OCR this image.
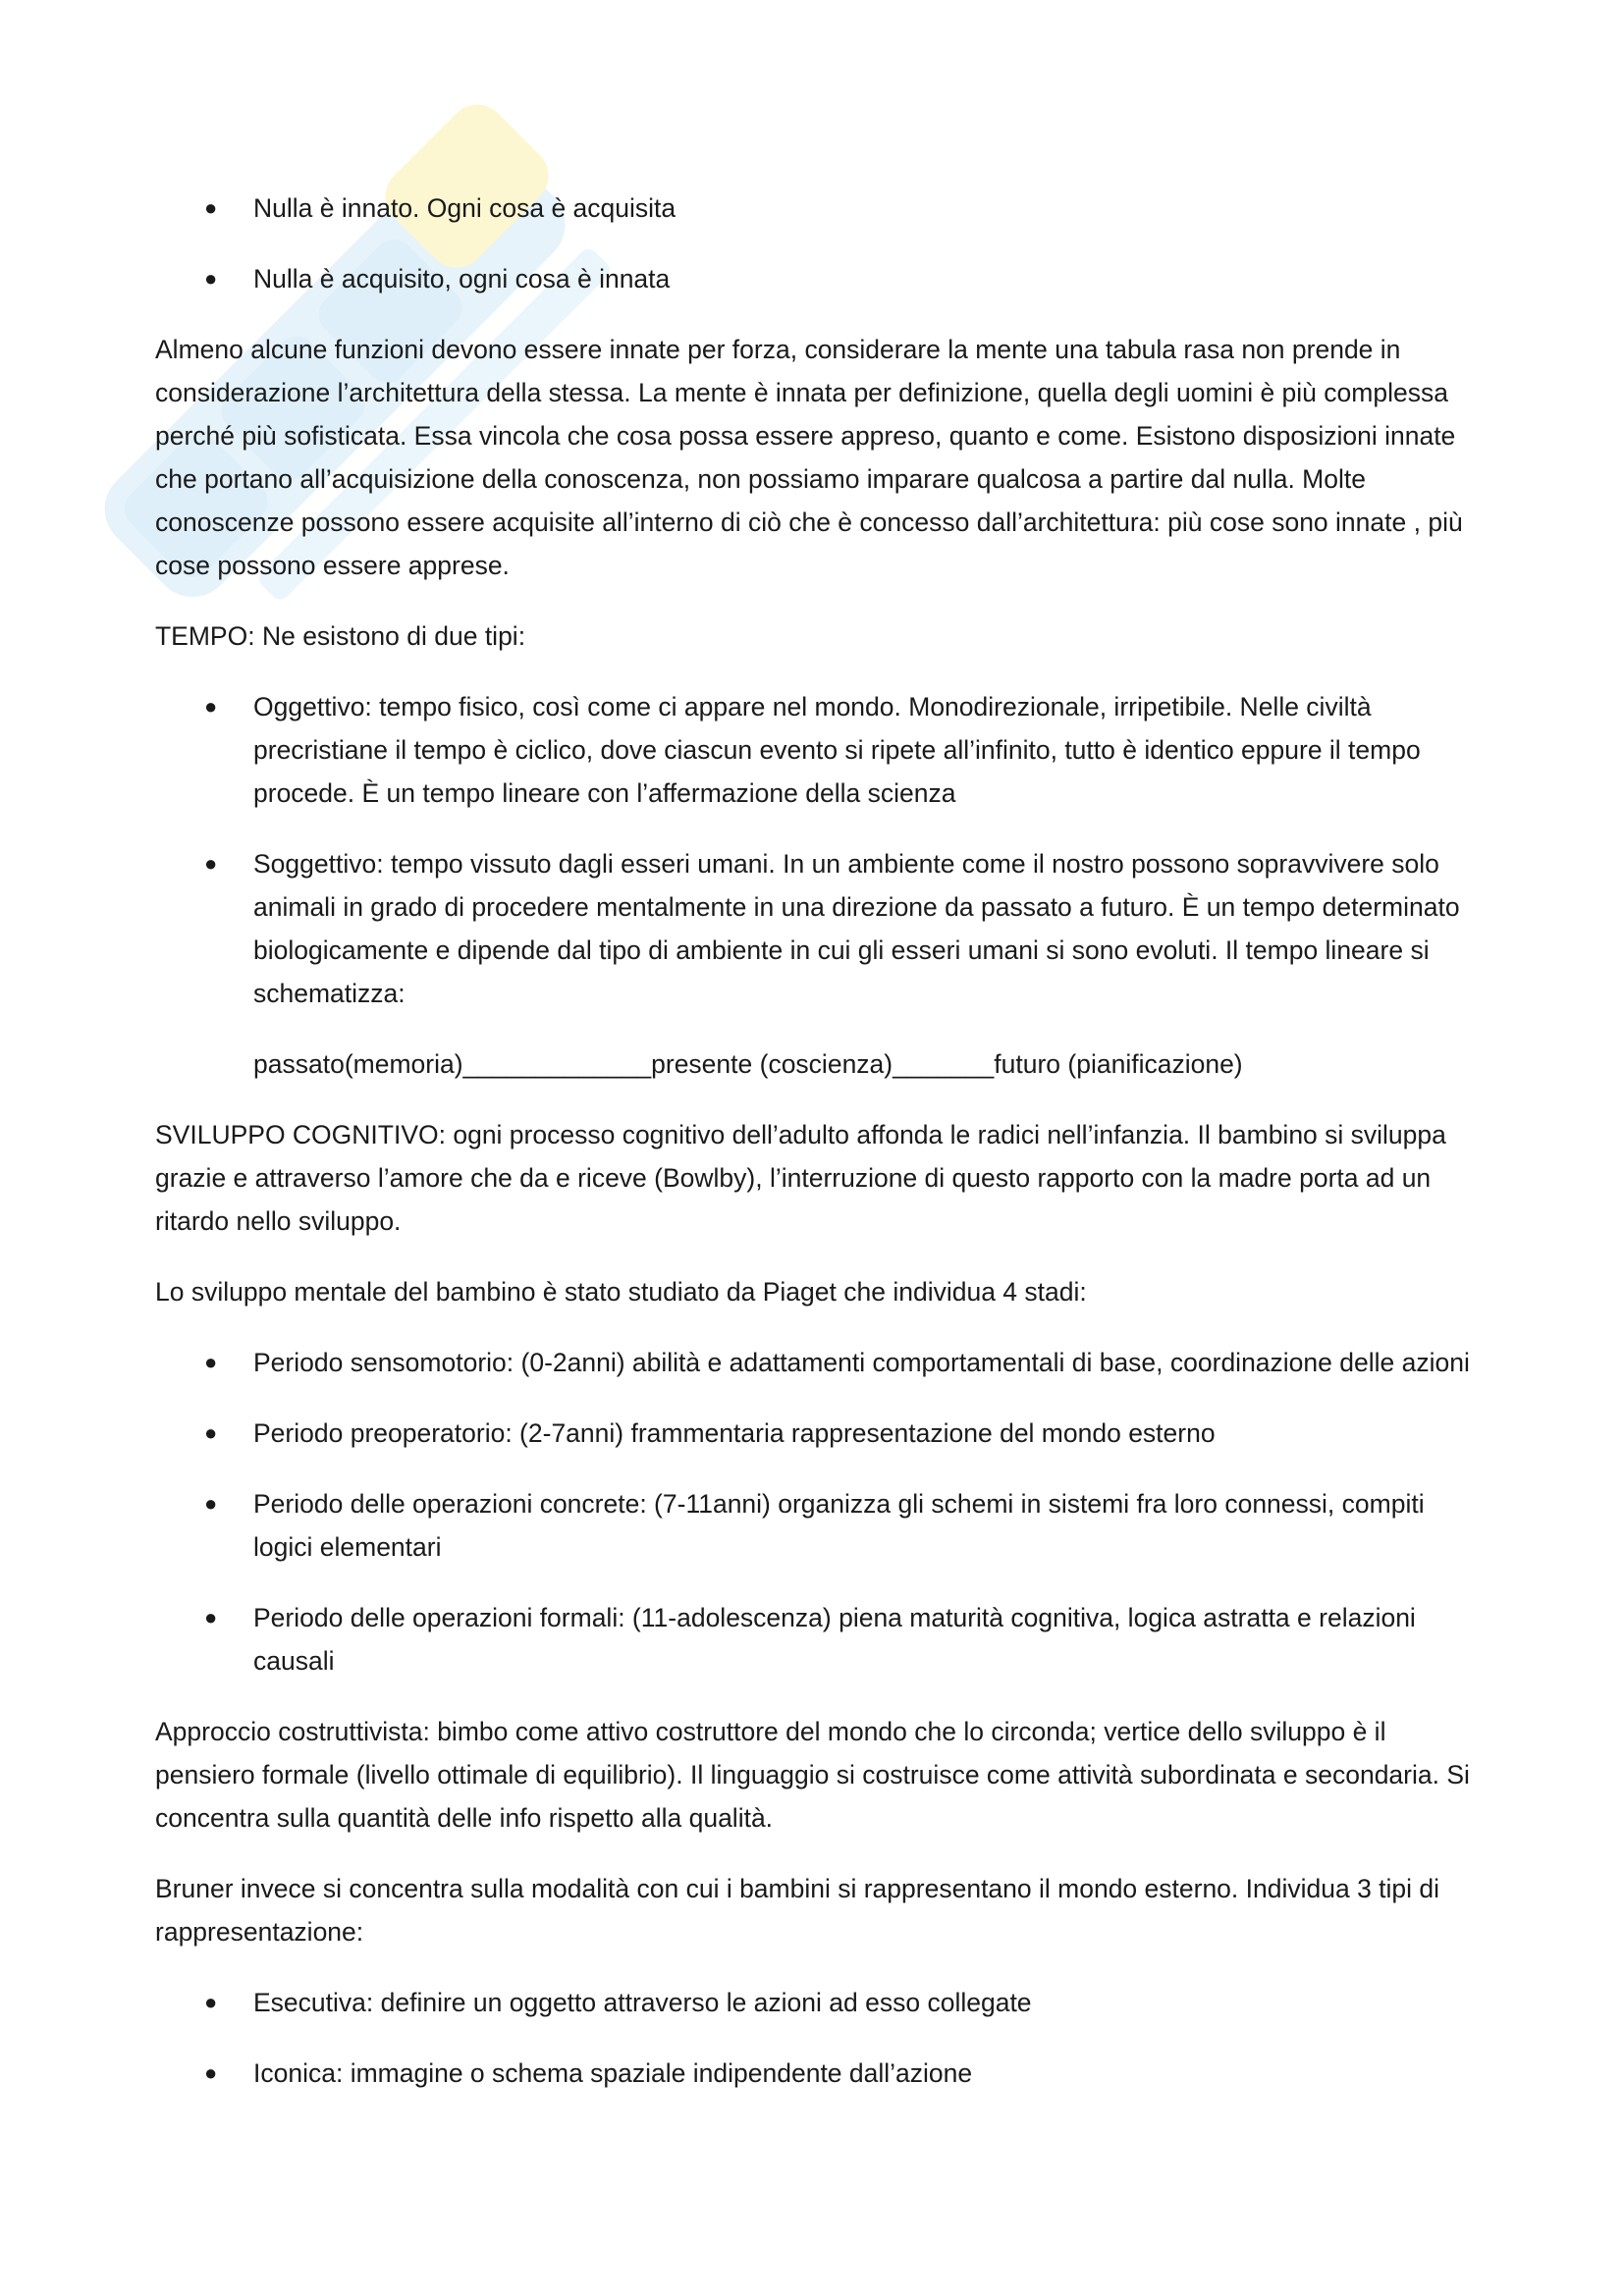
● Nulla è innato. Ogni cosa è acquisita
● Nulla è acquisito, ogni cosa è innata

Almeno alcune funzioni devono essere innate per forza, considerare la mente una tabula rasa non prende in considerazione l’architettura della stessa. La mente è innata per definizione, quella degli uomini è più complessa perché più sofisticata. Essa vincola che cosa possa essere appreso, quanto e come. Esistono disposizioni innate che portano all’acquisizione della conoscenza, non possiamo imparare qualcosa a partire dal nulla. Molte conoscenze possono essere acquisite all’interno di ciò che è concesso dall’architettura: più cose sono innate , più cose possono essere apprese.

TEMPO: Ne esistono di due tipi:

● Oggettivo: tempo fisico, così come ci appare nel mondo. Monodirezionale, irripetibile. Nelle civiltà precristiane il tempo è ciclico, dove ciascun evento si ripete all’infinito, tutto è identico eppure il tempo procede. È un tempo lineare con l’affermazione della scienza
● Soggettivo: tempo vissuto dagli esseri umani. In un ambiente come il nostro possono sopravvivere solo animali in grado di procedere mentalmente in una direzione da passato a futuro. È un tempo determinato biologicamente e dipende dal tipo di ambiente in cui gli esseri umani si sono evoluti. Il tempo lineare si schematizza:

passato(memoria)_____________presente (coscienza)_______futuro (pianificazione)

SVILUPPO COGNITIVO: ogni processo cognitivo dell’adulto affonda le radici nell’infanzia. Il bambino si sviluppa grazie e attraverso l’amore che da e riceve (Bowlby), l’interruzione di questo rapporto con la madre porta ad un ritardo nello sviluppo.

Lo sviluppo mentale del bambino è stato studiato da Piaget che individua 4 stadi:

● Periodo sensomotorio: (0-2anni) abilità e adattamenti comportamentali di base, coordinazione delle azioni
● Periodo preoperatorio: (2-7anni) frammentaria rappresentazione del mondo esterno
● Periodo delle operazioni concrete: (7-11anni) organizza gli schemi in sistemi fra loro connessi, compiti logici elementari
● Periodo delle operazioni formali: (11-adolescenza) piena maturità cognitiva, logica astratta e relazioni causali

Approccio costruttivista: bimbo come attivo costruttore del mondo che lo circonda; vertice dello sviluppo è il pensiero formale (livello ottimale di equilibrio). Il linguaggio si costruisce come attività subordinata e secondaria. Si concentra sulla quantità delle info rispetto alla qualità.

Bruner invece si concentra sulla modalità con cui i bambini si rappresentano il mondo esterno. Individua 3 tipi di rappresentazione:

● Esecutiva: definire un oggetto attraverso le azioni ad esso collegate
● Iconica: immagine o schema spaziale indipendente dall’azione
